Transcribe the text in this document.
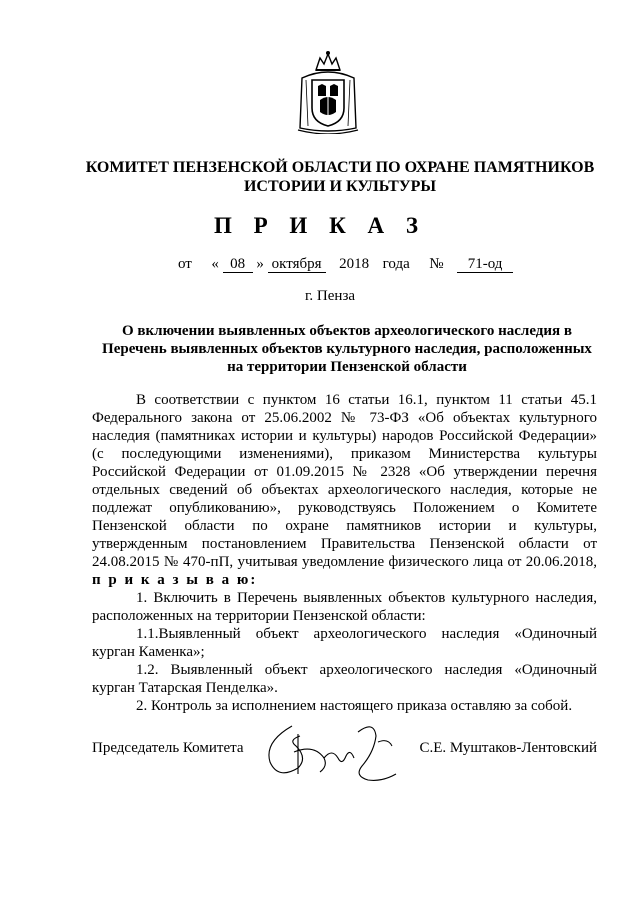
КОМИТЕТ ПЕНЗЕНСКОЙ ОБЛАСТИ ПО ОХРАНЕ ПАМЯТНИКОВ
ИСТОРИИ И КУЛЬТУРЫ
П Р И К А З
от « 08 » октября 2018 года № 71-од
г. Пенза
О включении выявленных объектов археологического наследия в
Перечень выявленных объектов культурного наследия, расположенных
на территории Пензенской области

В соответствии с пунктом 16 статьи 16.1, пунктом 11 статьи 45.1 Федерального закона от 25.06.2002 № 73-ФЗ «Об объектах культурного наследия (памятниках истории и культуры) народов Российской Федерации» (с последующими изменениями), приказом Министерства культуры Российской Федерации от 01.09.2015 № 2328 «Об утверждении перечня отдельных сведений об объектах археологического наследия, которые не подлежат опубликованию», руководствуясь Положением о Комитете Пензенской области по охране памятников истории и культуры, утвержденным постановлением Правительства Пензенской области от 24.08.2015 № 470-пП, учитывая уведомление физического лица от 20.06.2018, п р и к а з ы в а ю:

1. Включить в Перечень выявленных объектов культурного наследия, расположенных на территории Пензенской области:

1.1.Выявленный объект археологического наследия «Одиночный курган Каменка»;

1.2. Выявленный объект археологического наследия «Одиночный курган Татарская Пенделка».

2. Контроль за исполнением настоящего приказа оставляю за собой.

Председатель Комитета	С.Е. Муштаков-Лентовский
